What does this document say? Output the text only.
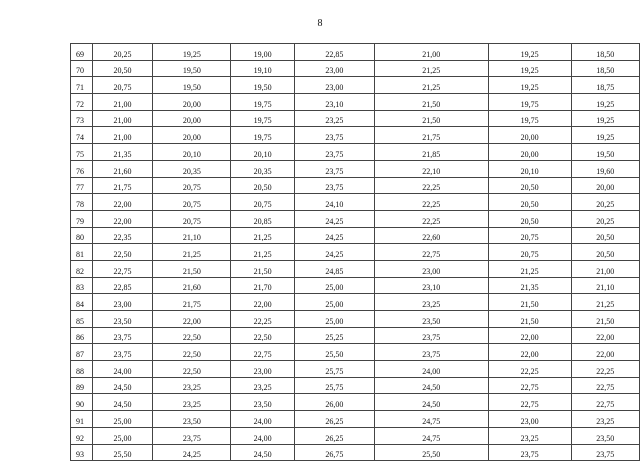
8
69	20,25	19,25	19,00	22,85	21,00	19,25	18,50
70	20,50	19,50	19,10	23,00	21,25	19,25	18,50
71	20,75	19,50	19,50	23,00	21,25	19,25	18,75
72	21,00	20,00	19,75	23,10	21,50	19,75	19,25
73	21,00	20,00	19,75	23,25	21,50	19,75	19,25
74	21,00	20,00	19,75	23,75	21,75	20,00	19,25
75	21,35	20,10	20,10	23,75	21,85	20,00	19,50
76	21,60	20,35	20,35	23,75	22,10	20,10	19,60
77	21,75	20,75	20,50	23,75	22,25	20,50	20,00
78	22,00	20,75	20,75	24,10	22,25	20,50	20,25
79	22,00	20,75	20,85	24,25	22,25	20,50	20,25
80	22,35	21,10	21,25	24,25	22,60	20,75	20,50
81	22,50	21,25	21,25	24,25	22,75	20,75	20,50
82	22,75	21,50	21,50	24,85	23,00	21,25	21,00
83	22,85	21,60	21,70	25,00	23,10	21,35	21,10
84	23,00	21,75	22,00	25,00	23,25	21,50	21,25
85	23,50	22,00	22,25	25,00	23,50	21,50	21,50
86	23,75	22,50	22,50	25,25	23,75	22,00	22,00
87	23,75	22,50	22,75	25,50	23,75	22,00	22,00
88	24,00	22,50	23,00	25,75	24,00	22,25	22,25
89	24,50	23,25	23,25	25,75	24,50	22,75	22,75
90	24,50	23,25	23,50	26,00	24,50	22,75	22,75
91	25,00	23,50	24,00	26,25	24,75	23,00	23,25
92	25,00	23,75	24,00	26,25	24,75	23,25	23,50
93	25,50	24,25	24,50	26,75	25,50	23,75	23,75
